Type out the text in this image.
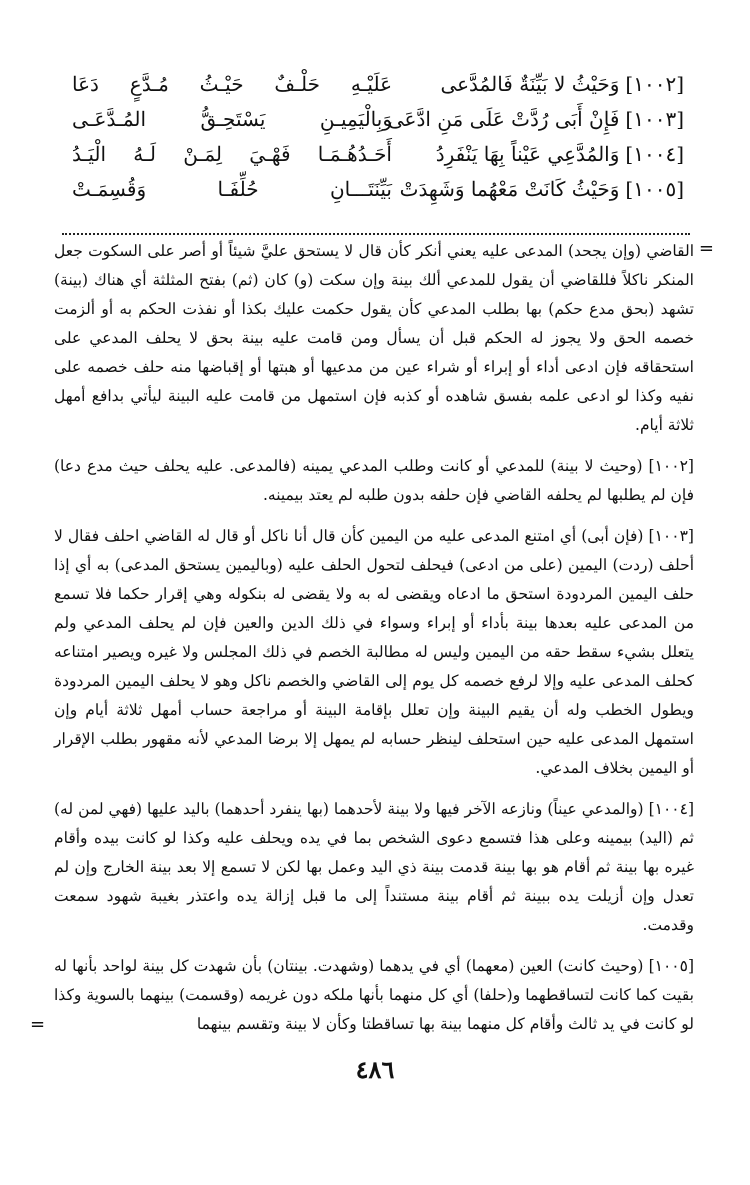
[١٠٠٢]
وَحَيْثُ لا بَيِّنَةٌ فَالمُدَّعى
عَلَيْـهِ حَلْـفٌ حَيْـثُ مُـدَّعٍ دَعَا
[١٠٠٣]
فَإِنْ أَبَى رُدَّتْ عَلَى مَنِ ادَّعَى
وَبِالْيَمِيـنِ يَسْتَحِـقُّ المُـدَّعَـى
[١٠٠٤]
وَالمُدَّعِي عَيْناً بِهَا يَنْفَرِدُ
أَحَـدُهُـمَـا فَهْـيَ لِمَـنْ لَـهُ الْيَـدُ
[١٠٠٥]
وَحَيْثُ كَانَتْ مَعْهُما وَشَهِدَتْ
بَيِّنَتَـــانِ حُلِّفَـا وَقُسِمَـتْ
=

القاضي (وإن يجحد) المدعى عليه يعني أنكر كأن قال لا يستحق عليَّ شيئاً أو أصر على السكوت جعل المنكر ناكلاً فللقاضي أن يقول للمدعي ألك بينة وإن سكت (و) كان (ثم) بفتح المثلثة أي هناك (بينة) تشهد (بحق مدع حكم) بها بطلب المدعي كأن يقول حكمت عليك بكذا أو نفذت الحكم به أو ألزمت خصمه الحق ولا يجوز له الحكم قبل أن يسأل ومن قامت عليه بينة بحق لا يحلف المدعي على استحقاقه فإن ادعى أداء أو إبراء أو شراء عين من مدعيها أو هبتها أو إقباضها منه حلف خصمه على نفيه وكذا لو ادعى علمه بفسق شاهده أو كذبه فإن استمهل من قامت عليه البينة ليأتي بدافع أمهل ثلاثة أيام.

[١٠٠٢] (وحيث لا بينة) للمدعي أو كانت وطلب المدعي يمينه (فالمدعى. عليه يحلف حيث مدع دعا) فإن لم يطلبها لم يحلفه القاضي فإن حلفه بدون طلبه لم يعتد بيمينه.

[١٠٠٣] (فإن أبى) أي امتنع المدعى عليه من اليمين كأن قال أنا ناكل أو قال له القاضي احلف فقال لا أحلف (ردت) اليمين (على من ادعى) فيحلف لتحول الحلف عليه (وباليمين يستحق المدعى) به أي إذا حلف اليمين المردودة استحق ما ادعاه ويقضى له به ولا يقضى له بنكوله وهي إقرار حكما فلا تسمع من المدعى عليه بعدها بينة بأداء أو إبراء وسواء في ذلك الدين والعين فإن لم يحلف المدعي ولم يتعلل بشيء سقط حقه من اليمين وليس له مطالبة الخصم في ذلك المجلس ولا غيره ويصير امتناعه كحلف المدعى عليه وإلا لرفع خصمه كل يوم إلى القاضي والخصم ناكل وهو لا يحلف اليمين المردودة ويطول الخطب وله أن يقيم البينة وإن تعلل بإقامة البينة أو مراجعة حساب أمهل ثلاثة أيام وإن استمهل المدعى عليه حين استحلف لينظر حسابه لم يمهل إلا برضا المدعي لأنه مقهور بطلب الإقرار أو اليمين بخلاف المدعي.

[١٠٠٤] (والمدعي عيناً) ونازعه الآخر فيها ولا بينة لأحدهما (بها ينفرد أحدهما) باليد عليها (فهي لمن له) ثم (اليد) بيمينه وعلى هذا فتسمع دعوى الشخص بما في يده ويحلف عليه وكذا لو كانت بيده وأقام غيره بها بينة ثم أقام هو بها بينة قدمت بينة ذي اليد وعمل بها لكن لا تسمع إلا بعد بينة الخارج وإن لم تعدل وإن أزيلت يده ببينة ثم أقام بينة مستنداً إلى ما قبل إزالة يده واعتذر بغيبة شهود سمعت وقدمت.

[١٠٠٥] (وحيث كانت) العين (معهما) أي في يدهما (وشهدت. بينتان) بأن شهدت كل بينة لواحد بأنها له بقيت كما كانت لتساقطهما و(حلفا) أي كل منهما بأنها ملكه دون غريمه (وقسمت) بينهما بالسوية وكذا لو كانت في يد ثالث وأقام كل منهما بينة بها تساقطتا وكأن لا بينة وتقسم بينهما

=
٤٨٦
